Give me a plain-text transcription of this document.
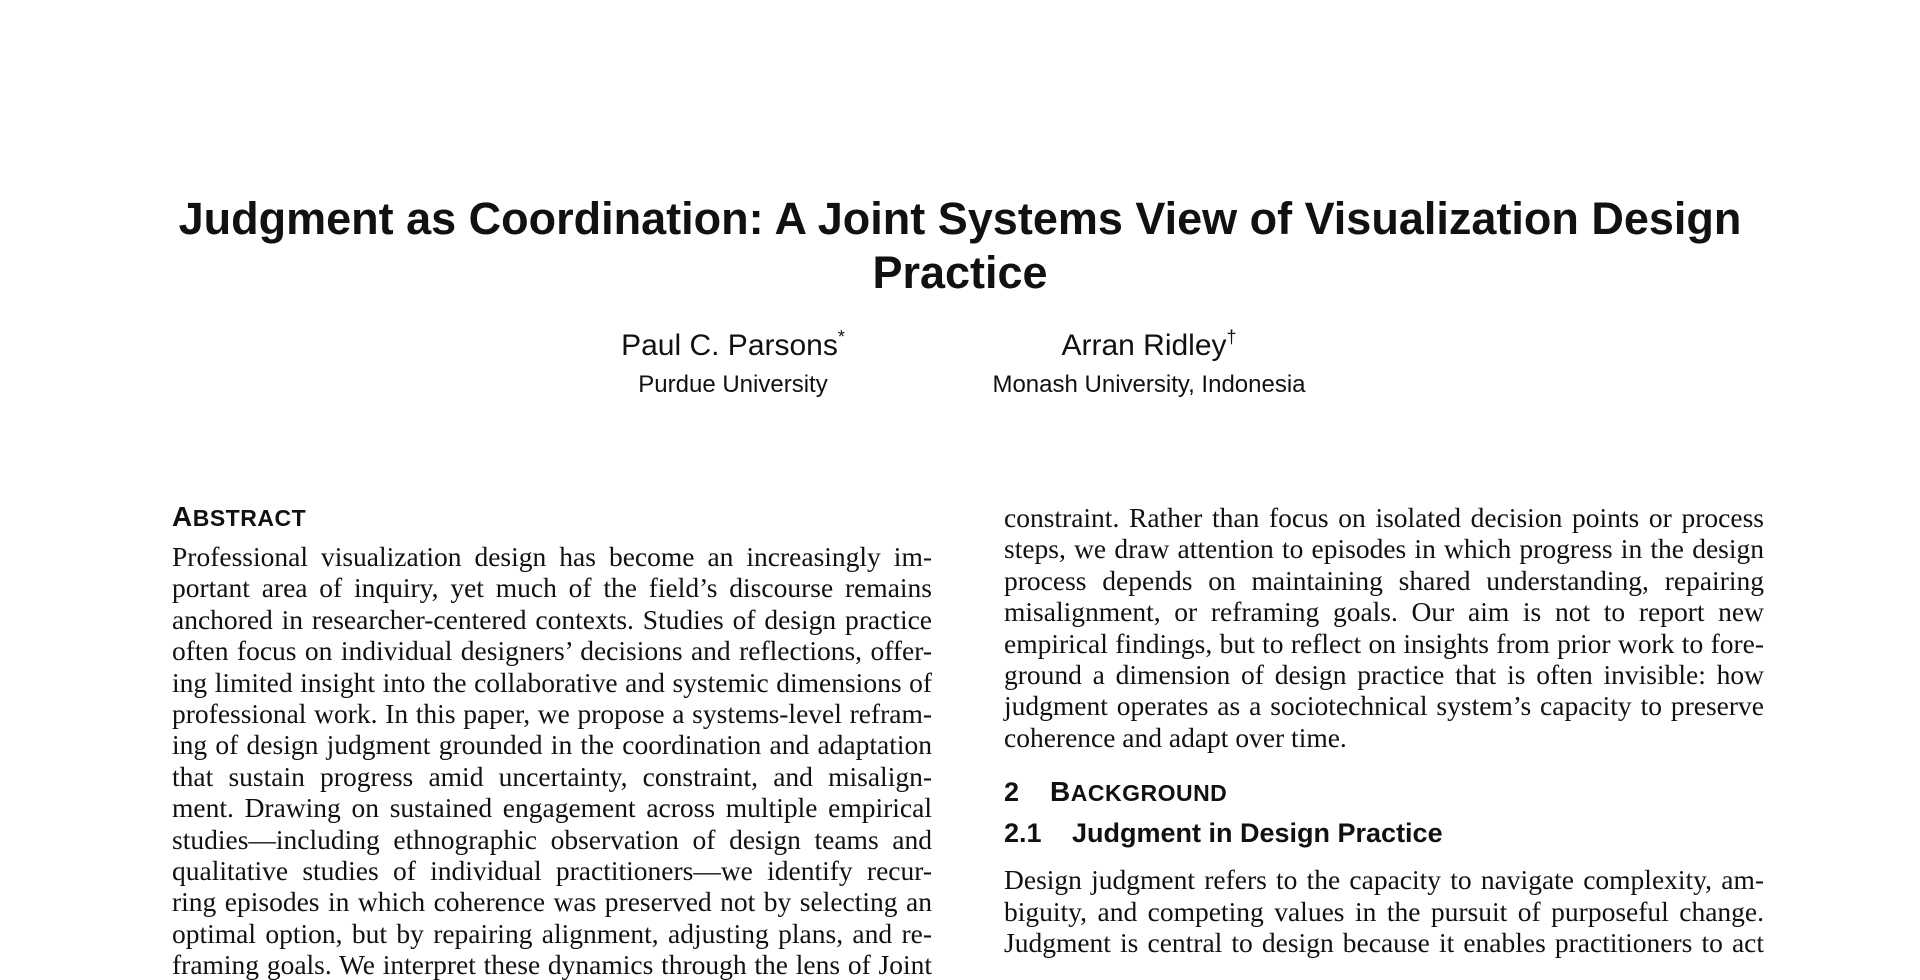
Judgment as Coordination: A Joint Systems View of Visualization Design Practice
Paul C. Parsons*
Purdue University
Arran Ridley†
Monash University, Indonesia
ABSTRACT
Professional visualization design has become an increasingly im-
portant area of inquiry, yet much of the field’s discourse remains
anchored in researcher-centered contexts. Studies of design practice
often focus on individual designers’ decisions and reflections, offer-
ing limited insight into the collaborative and systemic dimensions of
professional work. In this paper, we propose a systems-level refram-
ing of design judgment grounded in the coordination and adaptation
that sustain progress amid uncertainty, constraint, and misalign-
ment. Drawing on sustained engagement across multiple empirical
studies—including ethnographic observation of design teams and
qualitative studies of individual practitioners—we identify recur-
ring episodes in which coherence was preserved not by selecting an
optimal option, but by repairing alignment, adjusting plans, and re-
framing goals. We interpret these dynamics through the lens of Joint
constraint. Rather than focus on isolated decision points or process
steps, we draw attention to episodes in which progress in the design
process depends on maintaining shared understanding, repairing
misalignment, or reframing goals. Our aim is not to report new
empirical findings, but to reflect on insights from prior work to fore-
ground a dimension of design practice that is often invisible: how
judgment operates as a sociotechnical system’s capacity to preserve
coherence and adapt over time.
2 BACKGROUND
2.1 Judgment in Design Practice
Design judgment refers to the capacity to navigate complexity, am-
biguity, and competing values in the pursuit of purposeful change.
Judgment is central to design because it enables practitioners to act
